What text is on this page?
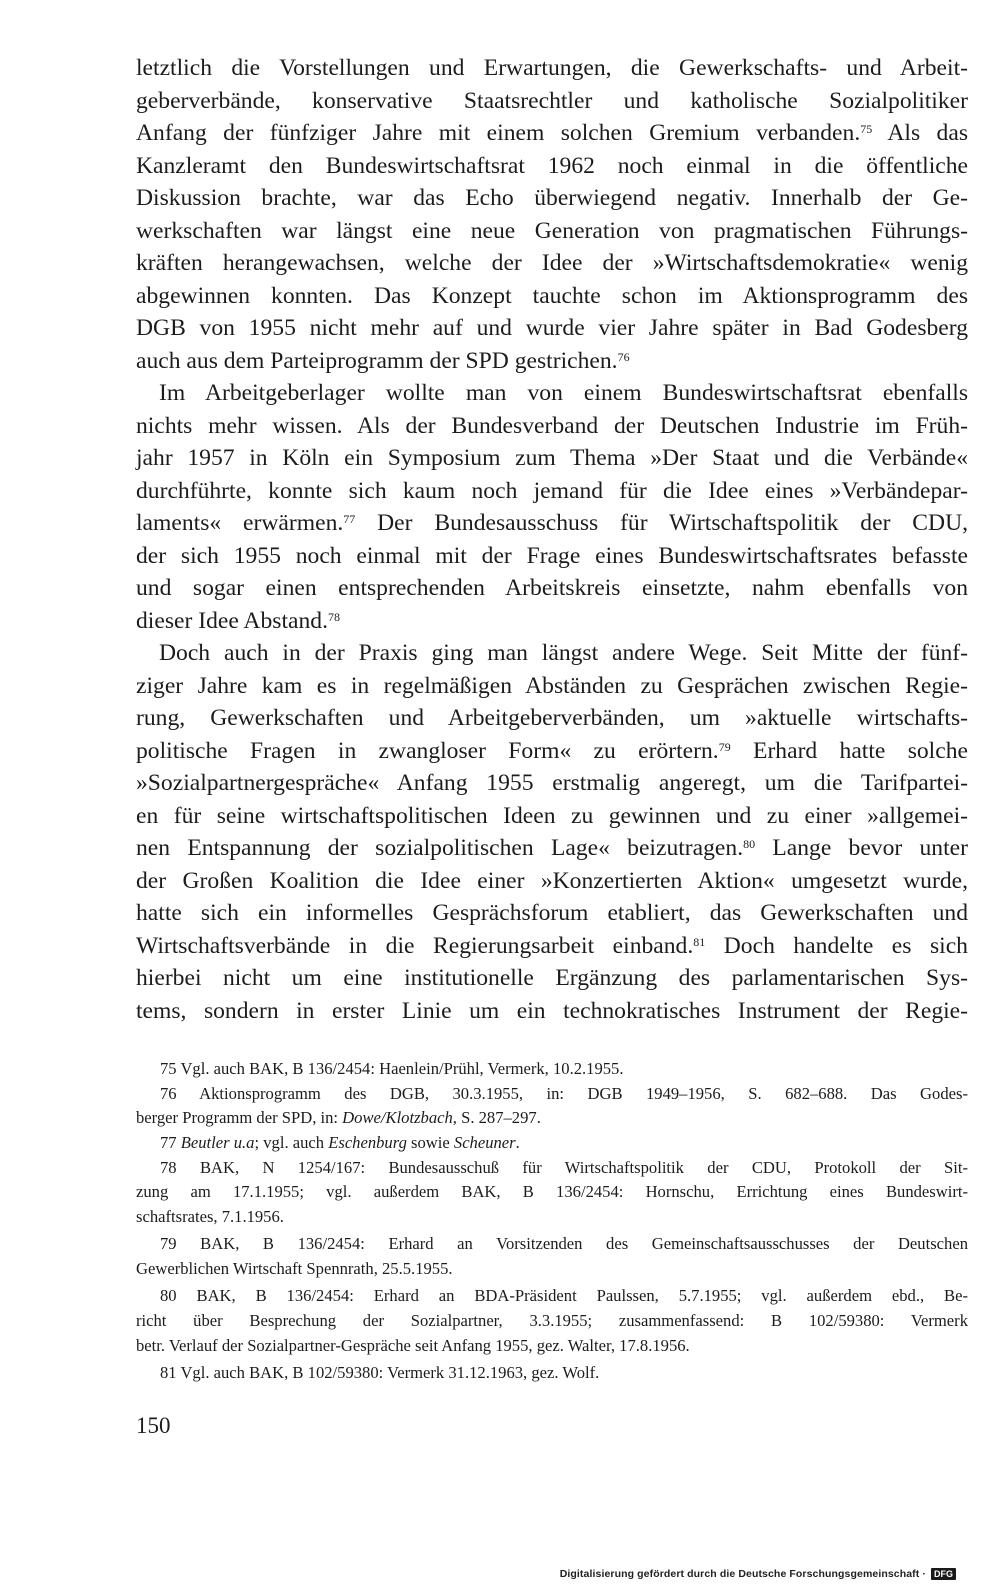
letztlich die Vorstellungen und Erwartungen, die Gewerkschafts- und Arbeit-
geberverbände, konservative Staatsrechtler und katholische Sozialpolitiker
Anfang der fünfziger Jahre mit einem solchen Gremium verbanden.$^{75}$ Als das
Kanzleramt den Bundeswirtschaftsrat 1962 noch einmal in die öffentliche
Diskussion brachte, war das Echo überwiegend negativ. Innerhalb der Ge-
werkschaften war längst eine neue Generation von pragmatischen Führungs-
kräften herangewachsen, welche der Idee der »Wirtschaftsdemokratie« wenig
abgewinnen konnten. Das Konzept tauchte schon im Aktionsprogramm des
DGB von 1955 nicht mehr auf und wurde vier Jahre später in Bad Godesberg
auch aus dem Parteiprogramm der SPD gestrichen.$^{76}$
Im Arbeitgeberlager wollte man von einem Bundeswirtschaftsrat ebenfalls
nichts mehr wissen. Als der Bundesverband der Deutschen Industrie im Früh-
jahr 1957 in Köln ein Symposium zum Thema »Der Staat und die Verbände«
durchführte, konnte sich kaum noch jemand für die Idee eines »Verbändepar-
laments« erwärmen.$^{77}$ Der Bundesausschuss für Wirtschaftspolitik der CDU,
der sich 1955 noch einmal mit der Frage eines Bundeswirtschaftsrates befasste
und sogar einen entsprechenden Arbeitskreis einsetzte, nahm ebenfalls von
dieser Idee Abstand.$^{78}$
Doch auch in der Praxis ging man längst andere Wege. Seit Mitte der fünf-
ziger Jahre kam es in regelmäßigen Abständen zu Gesprächen zwischen Regie-
rung, Gewerkschaften und Arbeitgeberverbänden, um »aktuelle wirtschafts-
politische Fragen in zwangloser Form« zu erörtern.$^{79}$ Erhard hatte solche
»Sozialpartnergespräche« Anfang 1955 erstmalig angeregt, um die Tarifpartei-
en für seine wirtschaftspolitischen Ideen zu gewinnen und zu einer »allgemei-
nen Entspannung der sozialpolitischen Lage« beizutragen.$^{80}$ Lange bevor unter
der Großen Koalition die Idee einer »Konzertierten Aktion« umgesetzt wurde,
hatte sich ein informelles Gesprächsforum etabliert, das Gewerkschaften und
Wirtschaftsverbände in die Regierungsarbeit einband.$^{81}$ Doch handelte es sich
hierbei nicht um eine institutionelle Ergänzung des parlamentarischen Sys-
tems, sondern in erster Linie um ein technokratisches Instrument der Regie-
75 Vgl. auch BAK, B 136/2454: Haenlein/Prühl, Vermerk, 10.2.1955.
76 Aktionsprogramm des DGB, 30.3.1955, in: DGB 1949–1956, S. 682–688. Das Godes-
berger Programm der SPD, in: Dowe/Klotzbach, S. 287–297.
77 Beutler u.a; vgl. auch Eschenburg sowie Scheuner.
78 BAK, N 1254/167: Bundesausschuß für Wirtschaftspolitik der CDU, Protokoll der Sit-
zung am 17.1.1955; vgl. außerdem BAK, B 136/2454: Hornschu, Errichtung eines Bundeswirt-
schaftsrates, 7.1.1956.
79 BAK, B 136/2454: Erhard an Vorsitzenden des Gemeinschaftsausschusses der Deutschen
Gewerblichen Wirtschaft Spennrath, 25.5.1955.
80 BAK, B 136/2454: Erhard an BDA-Präsident Paulssen, 5.7.1955; vgl. außerdem ebd., Be-
richt über Besprechung der Sozialpartner, 3.3.1955; zusammenfassend: B 102/59380: Vermerk
betr. Verlauf der Sozialpartner-Gespräche seit Anfang 1955, gez. Walter, 17.8.1956.
81 Vgl. auch BAK, B 102/59380: Vermerk 31.12.1963, gez. Wolf.
150
Digitalisierung gefördert durch die Deutsche Forschungsgemeinschaft · DFG
